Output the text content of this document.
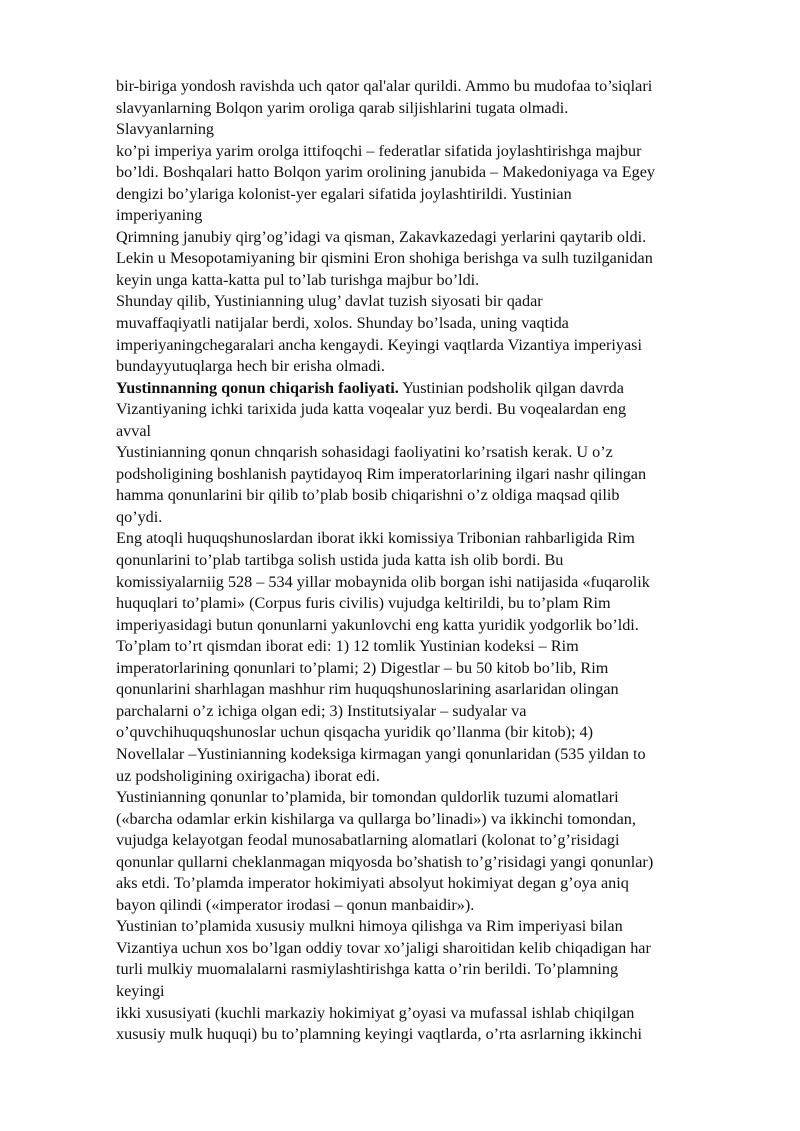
bir-biriga yondosh ravishda uch qator qal'alar qurildi. Ammo bu mudofaa to’siqlari
slavyanlarning Bolqon yarim oroliga qarab siljishlarini tugata olmadi.
Slavyanlarning
ko’pi imperiya yarim orolga ittifoqchi – federatlar sifatida joylashtirishga majbur
bo’ldi. Boshqalari hatto Bolqon yarim orolining janubida – Makedoniyaga va Egey
dengizi bo’ylariga kolonist-yer egalari sifatida joylashtirildi. Yustinian
imperiyaning
Qrimning janubiy qirg’og’idagi va qisman, Zakavkazedagi yerlarini qaytarib oldi.
Lekin u Mesopotamiyaning bir qismini Eron shohiga berishga va sulh tuzilganidan
keyin unga katta-katta pul to’lab turishga majbur bo’ldi.
Shunday qilib, Yustinianning ulug’ davlat tuzish siyosati bir qadar
muvaffaqiyatli natijalar berdi, xolos. Shunday bo’lsada, uning vaqtida
imperiyaningchegaralari ancha kengaydi. Keyingi vaqtlarda Vizantiya imperiyasi
bundayyutuqlarga hech bir erisha olmadi.
Yustinnanning qonun chiqarish faoliyati. Yustinian podsholik qilgan davrda
Vizantiyaning ichki tarixida juda katta voqealar yuz berdi. Bu voqealardan eng
avval
Yustinianning qonun chnqarish sohasidagi faoliyatini ko’rsatish kerak. U o’z
podsholigining boshlanish paytidayoq Rim imperatorlarining ilgari nashr qilingan
hamma qonunlarini bir qilib to’plab bosib chiqarishni o’z oldiga maqsad qilib
qo’ydi.
Eng atoqli huquqshunoslardan iborat ikki komissiya Tribonian rahbarligida Rim
qonunlarini to’plab tartibga solish ustida juda katta ish olib bordi. Bu
komissiyalarniig 528 – 534 yillar mobaynida olib borgan ishi natijasida «fuqarolik
huquqlari to’plami» (Corpus furis civilis) vujudga keltirildi, bu to’plam Rim
imperiyasidagi butun qonunlarni yakunlovchi eng katta yuridik yodgorlik bo’ldi.
To’plam to’rt qismdan iborat edi: 1) 12 tomlik Yustinian kodeksi – Rim
imperatorlarining qonunlari to’plami; 2) Digestlar – bu 50 kitob bo’lib, Rim
qonunlarini sharhlagan mashhur rim huquqshunoslarining asarlaridan olingan
parchalarni o’z ichiga olgan edi; 3) Institutsiyalar – sudyalar va
o’quvchihuquqshunoslar uchun qisqacha yuridik qo’llanma (bir kitob); 4)
Novellalar –Yustinianning kodeksiga kirmagan yangi qonunlaridan (535 yildan to
uz podsholigining oxirigacha) iborat edi.
Yustinianning qonunlar to’plamida, bir tomondan quldorlik tuzumi alomatlari
(«barcha odamlar erkin kishilarga va qullarga bo’linadi») va ikkinchi tomondan,
vujudga kelayotgan feodal munosabatlarning alomatlari (kolonat to’g’risidagi
qonunlar qullarni cheklanmagan miqyosda bo’shatish to’g’risidagi yangi qonunlar)
aks etdi. To’plamda imperator hokimiyati absolyut hokimiyat degan g’oya aniq
bayon qilindi («imperator irodasi – qonun manbaidir»).
Yustinian to’plamida xususiy mulkni himoya qilishga va Rim imperiyasi bilan
Vizantiya uchun xos bo’lgan oddiy tovar xo’jaligi sharoitidan kelib chiqadigan har
turli mulkiy muomalalarni rasmiylashtirishga katta o’rin berildi. To’plamning
keyingi
ikki xususiyati (kuchli markaziy hokimiyat g’oyasi va mufassal ishlab chiqilgan
xususiy mulk huquqi) bu to’plamning keyingi vaqtlarda, o’rta asrlarning ikkinchi
